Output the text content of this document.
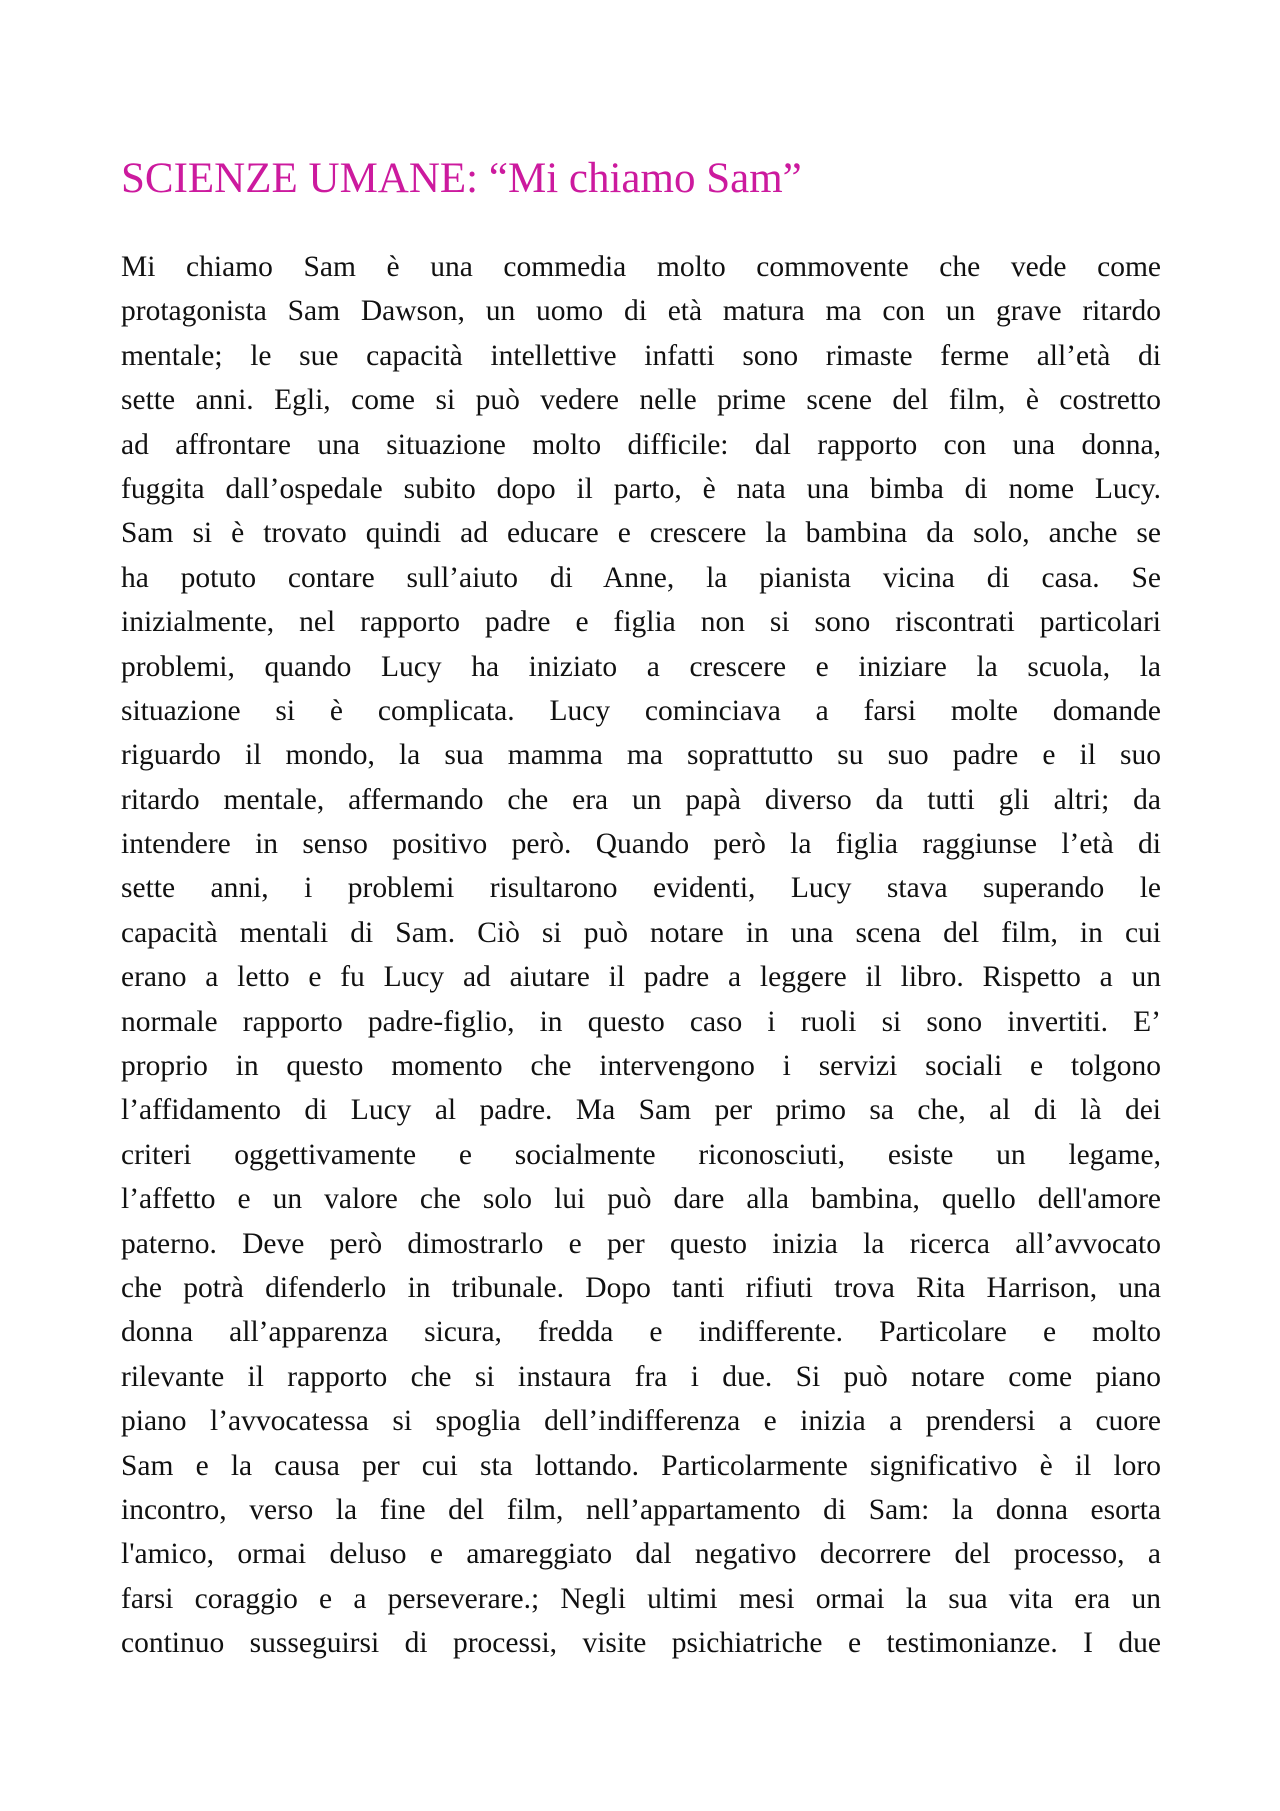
SCIENZE UMANE: “Mi chiamo Sam”
Mi chiamo Sam è una commedia molto commovente che vede come
protagonista Sam Dawson, un uomo di età matura ma con un grave ritardo
mentale; le sue capacità intellettive infatti sono rimaste ferme all’età di
sette anni. Egli, come si può vedere nelle prime scene del film, è costretto
ad affrontare una situazione molto difficile: dal rapporto con una donna,
fuggita dall’ospedale subito dopo il parto, è nata una bimba di nome Lucy.
Sam si è trovato quindi ad educare e crescere la bambina da solo, anche se
ha potuto contare sull’aiuto di Anne, la pianista vicina di casa. Se
inizialmente, nel rapporto padre e figlia non si sono riscontrati particolari
problemi, quando Lucy ha iniziato a crescere e iniziare la scuola, la
situazione si è complicata. Lucy cominciava a farsi molte domande
riguardo il mondo, la sua mamma ma soprattutto su suo padre e il suo
ritardo mentale, affermando che era un papà diverso da tutti gli altri; da
intendere in senso positivo però. Quando però la figlia raggiunse l’età di
sette anni, i problemi risultarono evidenti, Lucy stava superando le
capacità mentali di Sam. Ciò si può notare in una scena del film, in cui
erano a letto e fu Lucy ad aiutare il padre a leggere il libro. Rispetto a un
normale rapporto padre-figlio, in questo caso i ruoli si sono invertiti. E’
proprio in questo momento che intervengono i servizi sociali e tolgono
l’affidamento di Lucy al padre. Ma Sam per primo sa che, al di là dei
criteri oggettivamente e socialmente riconosciuti, esiste un legame,
l’affetto e un valore che solo lui può dare alla bambina, quello dell'amore
paterno. Deve però dimostrarlo e per questo inizia la ricerca all’avvocato
che potrà difenderlo in tribunale. Dopo tanti rifiuti trova Rita Harrison, una
donna all’apparenza sicura, fredda e indifferente. Particolare e molto
rilevante il rapporto che si instaura fra i due. Si può notare come piano
piano l’avvocatessa si spoglia dell’indifferenza e inizia a prendersi a cuore
Sam e la causa per cui sta lottando. Particolarmente significativo è il loro
incontro, verso la fine del film, nell’appartamento di Sam: la donna esorta
l'amico, ormai deluso e amareggiato dal negativo decorrere del processo, a
farsi coraggio e a perseverare.; Negli ultimi mesi ormai la sua vita era un
continuo susseguirsi di processi, visite psichiatriche e testimonianze. I due
